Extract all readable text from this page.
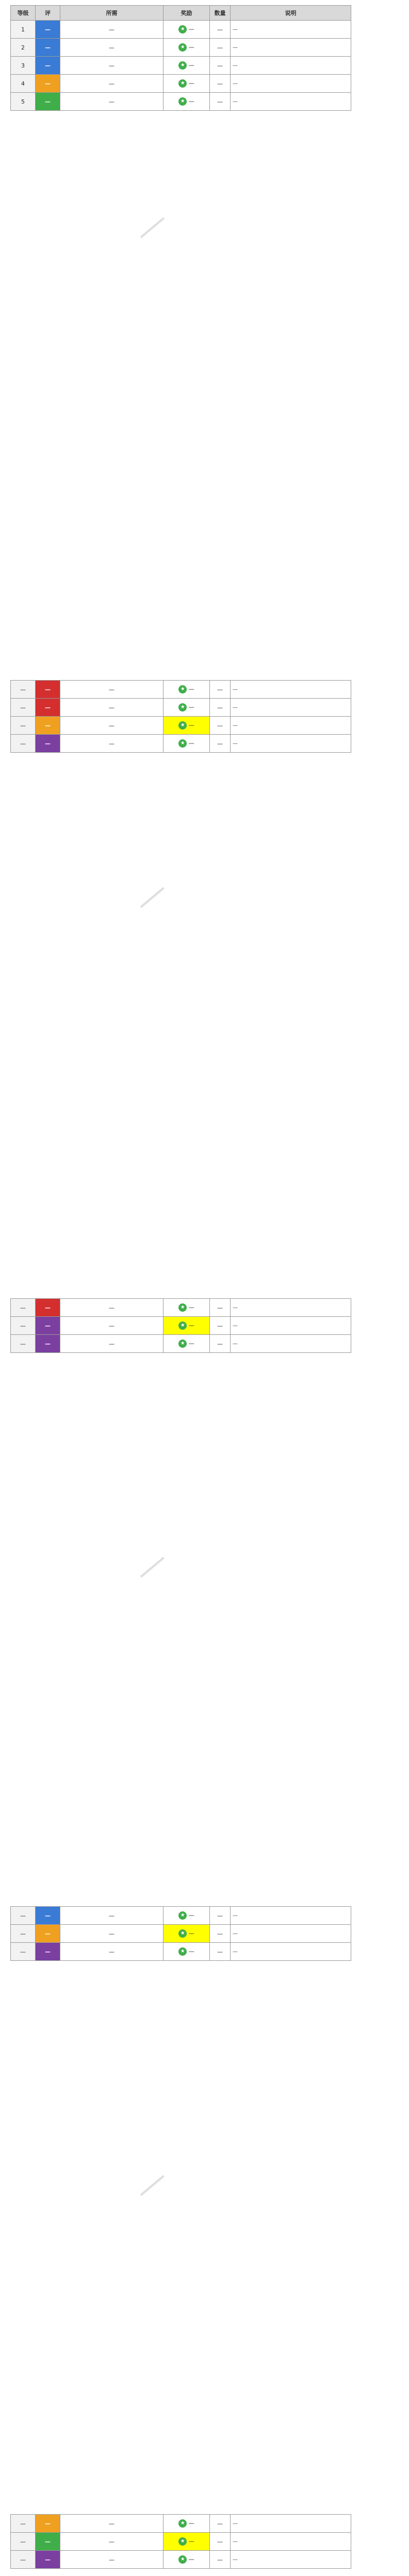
等级	评	所需	奖励	数量	说明
1	—	—	★ —	—	—
2	—	—	★ —	—	—
3	—	—	★ —	—	—
4	—	—	★ —	—	—
5	—	—	★ —	—	—
—	—	—	★ —	—	—
—	—	—	★ —	—	—
—	—	—	★ —	—	—
—	—	—	★ —	—	—
—	—	—	★ —	—	—
—	—	—	★ —	—	—
—	—	—	★ —	—	—
—	—	—	★ —	—	—
—	—	—	★ —	—	—
—	—	—	★ —	—	—
—	—	—	★ —	—	—
—	—	—	★ —	—	—
—	—	—	★ —	—	—

—
—
—
—
